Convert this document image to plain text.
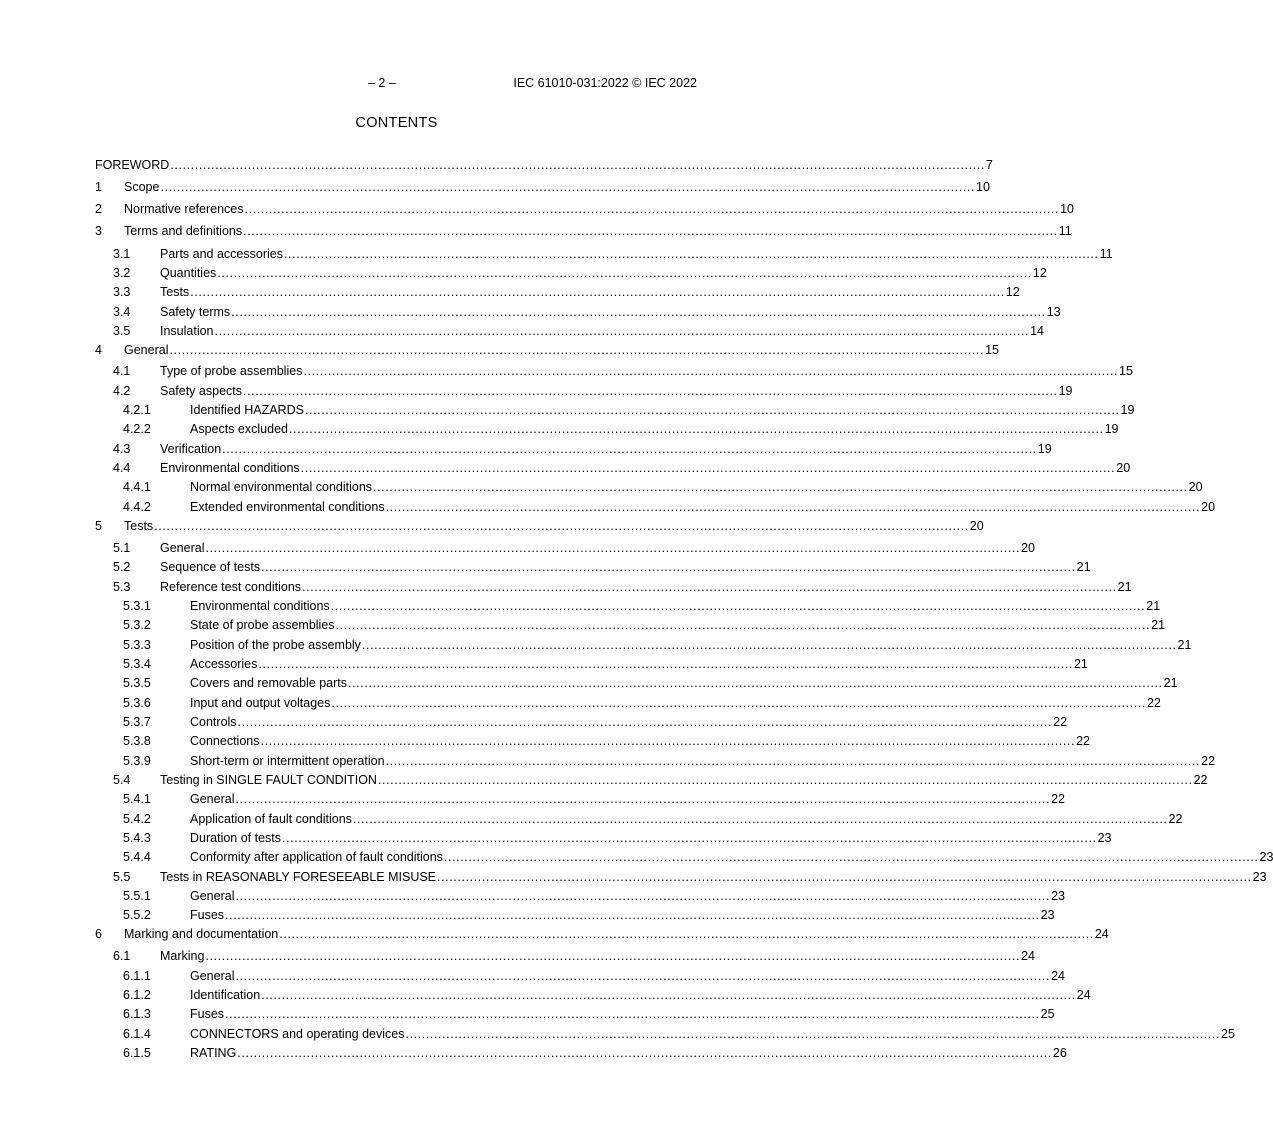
– 2 –	IEC 61010-031:2022 © IEC 2022
CONTENTS
FOREWORD ........................................................................................................................................................................................................ 7
1 Scope ........................................................................................................................................................................................................ 10
2 Normative references ........................................................................................................................................................................................................ 10
3 Terms and definitions ........................................................................................................................................................................................................ 11
3.1 Parts and accessories ........................................................................................................................................................................................................ 11
3.2 Quantities ........................................................................................................................................................................................................ 12
3.3 Tests ........................................................................................................................................................................................................ 12
3.4 Safety terms ........................................................................................................................................................................................................ 13
3.5 Insulation ........................................................................................................................................................................................................ 14
4 General ........................................................................................................................................................................................................ 15
4.1 Type of probe assemblies ........................................................................................................................................................................................................ 15
4.2 Safety aspects ........................................................................................................................................................................................................ 19
4.2.1	Identified HAZARDS ........................................................................................................................................................................................................ 19
4.2.2	Aspects excluded ........................................................................................................................................................................................................ 19
4.3 Verification ........................................................................................................................................................................................................ 19
4.4 Environmental conditions ........................................................................................................................................................................................................ 20
4.4.1	Normal environmental conditions ........................................................................................................................................................................................................ 20
4.4.2	Extended environmental conditions ........................................................................................................................................................................................................ 20
5 Tests ........................................................................................................................................................................................................ 20
5.1 General ........................................................................................................................................................................................................ 20
5.2 Sequence of tests ........................................................................................................................................................................................................ 21
5.3 Reference test conditions ........................................................................................................................................................................................................ 21
5.3.1	Environmental conditions ........................................................................................................................................................................................................ 21
5.3.2	State of probe assemblies ........................................................................................................................................................................................................ 21
5.3.3	Position of the probe assembly ........................................................................................................................................................................................................ 21
5.3.4	Accessories ........................................................................................................................................................................................................ 21
5.3.5	Covers and removable parts ........................................................................................................................................................................................................ 21
5.3.6	Input and output voltages ........................................................................................................................................................................................................ 22
5.3.7	Controls ........................................................................................................................................................................................................ 22
5.3.8	Connections ........................................................................................................................................................................................................ 22
5.3.9	Short-term or intermittent operation ........................................................................................................................................................................................................ 22
5.4 Testing in SINGLE FAULT CONDITION ........................................................................................................................................................................................................ 22
5.4.1	General ........................................................................................................................................................................................................ 22
5.4.2	Application of fault conditions ........................................................................................................................................................................................................ 22
5.4.3	Duration of tests ........................................................................................................................................................................................................ 23
5.4.4	Conformity after application of fault conditions ........................................................................................................................................................................................................ 23
5.5 Tests in REASONABLY FORESEEABLE MISUSE ........................................................................................................................................................................................................ 23
5.5.1	General ........................................................................................................................................................................................................ 23
5.5.2	Fuses ........................................................................................................................................................................................................ 23
6 Marking and documentation ........................................................................................................................................................................................................ 24
6.1 Marking ........................................................................................................................................................................................................ 24
6.1.1	General ........................................................................................................................................................................................................ 24
6.1.2	Identification ........................................................................................................................................................................................................ 24
6.1.3	Fuses ........................................................................................................................................................................................................ 25
6.1.4	CONNECTORS and operating devices ........................................................................................................................................................................................................ 25
6.1.5	RATING ........................................................................................................................................................................................................ 26
